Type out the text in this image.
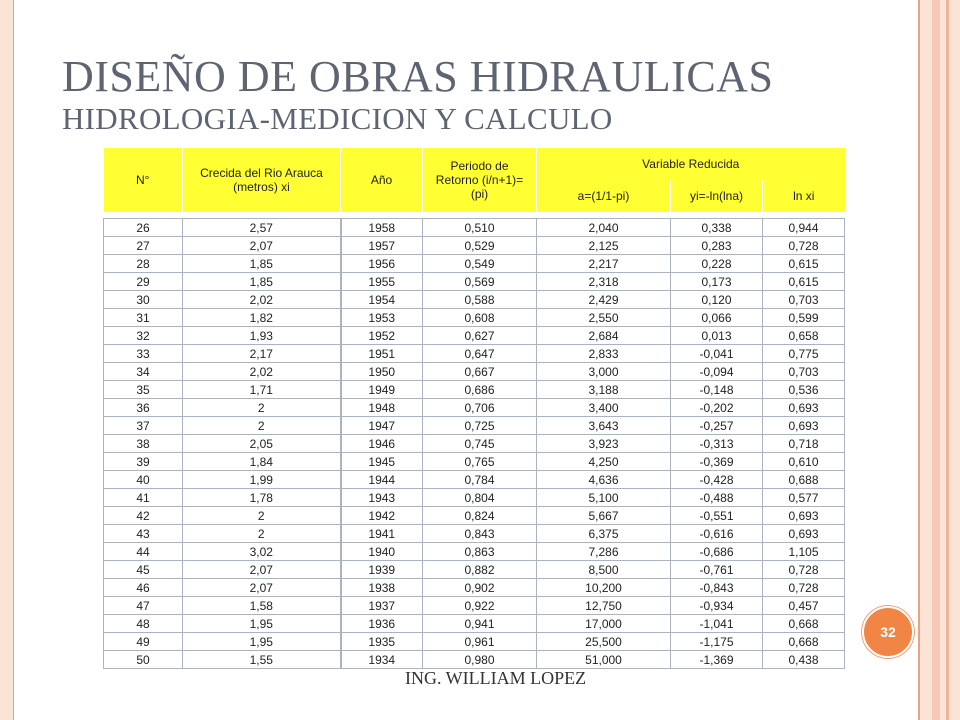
DISEÑO DE OBRAS HIDRAULICAS
HIDROLOGIA-MEDICION Y CALCULO
N°	Crecida del Rio Arauca (metros) xi	Año	Periodo de Retorno (i/n+1)= (pi)	Variable Reducida		
				a=(1/1-pi)	yi=-ln(lna)	ln xi

26	2,57	1958	0,510	2,040	0,338	0,944
27	2,07	1957	0,529	2,125	0,283	0,728
28	1,85	1956	0,549	2,217	0,228	0,615
29	1,85	1955	0,569	2,318	0,173	0,615
30	2,02	1954	0,588	2,429	0,120	0,703
31	1,82	1953	0,608	2,550	0,066	0,599
32	1,93	1952	0,627	2,684	0,013	0,658
33	2,17	1951	0,647	2,833	-0,041	0,775
34	2,02	1950	0,667	3,000	-0,094	0,703
35	1,71	1949	0,686	3,188	-0,148	0,536
36	2	1948	0,706	3,400	-0,202	0,693
37	2	1947	0,725	3,643	-0,257	0,693
38	2,05	1946	0,745	3,923	-0,313	0,718
39	1,84	1945	0,765	4,250	-0,369	0,610
40	1,99	1944	0,784	4,636	-0,428	0,688
41	1,78	1943	0,804	5,100	-0,488	0,577
42	2	1942	0,824	5,667	-0,551	0,693
43	2	1941	0,843	6,375	-0,616	0,693
44	3,02	1940	0,863	7,286	-0,686	1,105
45	2,07	1939	0,882	8,500	-0,761	0,728
46	2,07	1938	0,902	10,200	-0,843	0,728
47	1,58	1937	0,922	12,750	-0,934	0,457
48	1,95	1936	0,941	17,000	-1,041	0,668
49	1,95	1935	0,961	25,500	-1,175	0,668
50	1,55	1934	0,980	51,000	-1,369	0,438
ING. WILLIAM LOPEZ
32
